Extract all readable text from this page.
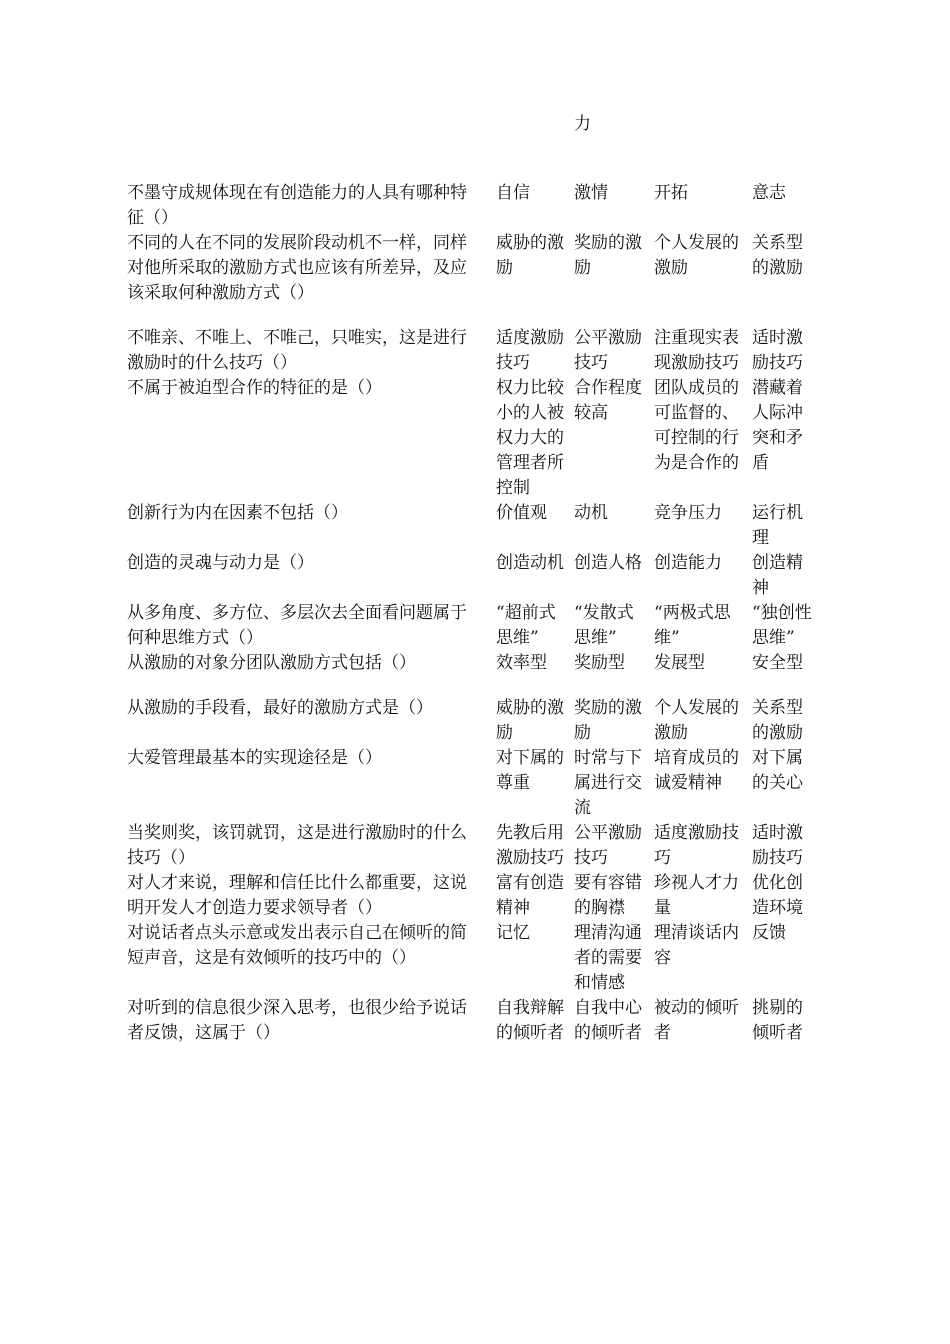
力
不墨守成规体现在有创造能力的人具有哪种特征（）	自信	激情	开拓	意志
不同的人在不同的发展阶段动机不一样，同样对他所采取的激励方式也应该有所差异，及应该采取何种激励方式（）	威胁的激励	奖励的激励	个人发展的激励	关系型的激励
不唯亲、不唯上、不唯己，只唯实，这是进行激励时的什么技巧（）	适度激励技巧	公平激励技巧	注重现实表现激励技巧	适时激励技巧
不属于被迫型合作的特征的是（）	权力比较小的人被权力大的管理者所控制	合作程度较高	团队成员的可监督的、可控制的行为是合作的	潜藏着人际冲突和矛盾
创新行为内在因素不包括（）	价值观	动机	竞争压力	运行机理
创造的灵魂与动力是（）	创造动机	创造人格	创造能力	创造精神
从多角度、多方位、多层次去全面看问题属于何种思维方式（）	“超前式思维”	“发散式思维”	“两极式思维”	“独创性思维”
从激励的对象分团队激励方式包括（）	效率型	奖励型	发展型	安全型
从激励的手段看，最好的激励方式是（）	威胁的激励	奖励的激励	个人发展的激励	关系型的激励
大爱管理最基本的实现途径是（）	对下属的尊重	时常与下属进行交流	培育成员的诚爱精神	对下属的关心
当奖则奖，该罚就罚，这是进行激励时的什么技巧（）	先教后用激励技巧	公平激励技巧	适度激励技巧	适时激励技巧
对人才来说，理解和信任比什么都重要，这说明开发人才创造力要求领导者（）	富有创造精神	要有容错的胸襟	珍视人才力量	优化创造环境
对说话者点头示意或发出表示自己在倾听的简短声音，这是有效倾听的技巧中的（）	记忆	理清沟通者的需要和情感	理清谈话内容	反馈
对听到的信息很少深入思考，也很少给予说话者反馈，这属于（）	自我辩解的倾听者	自我中心的倾听者	被动的倾听者	挑剔的倾听者
